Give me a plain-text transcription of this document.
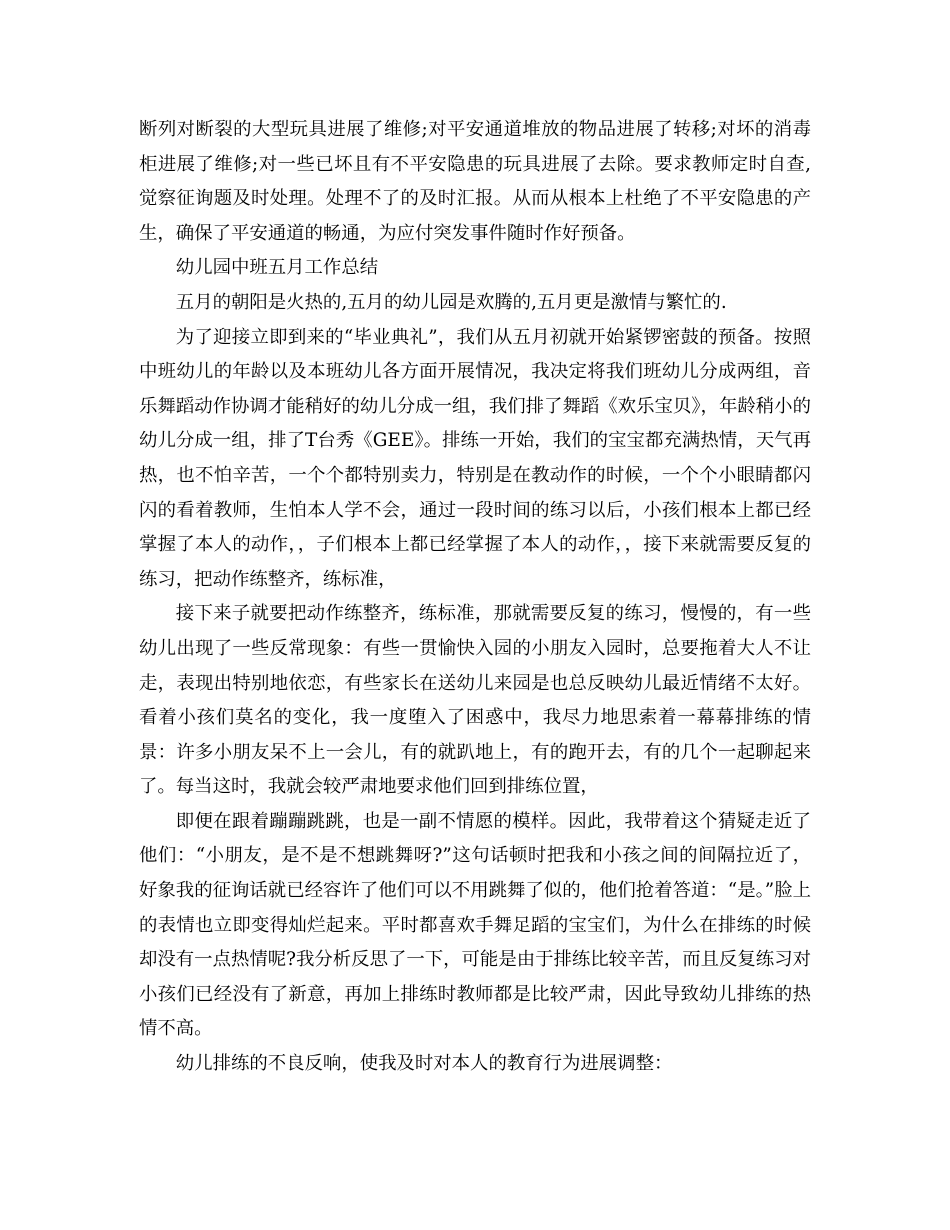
断列对断裂的大型玩具进展了维修;对平安通道堆放的物品进展了转移;对坏的消毒柜进展了维修;对一些已坏且有不平安隐患的玩具进展了去除。要求教师定时自查,觉察征询题及时处理。处理不了的及时汇报。从而从根本上杜绝了不平安隐患的产生，确保了平安通道的畅通，为应付突发事件随时作好预备。

幼儿园中班五月工作总结

五月的朝阳是火热的,五月的幼儿园是欢腾的,五月更是激情与繁忙的.

为了迎接立即到来的“毕业典礼”，我们从五月初就开始紧锣密鼓的预备。按照中班幼儿的年龄以及本班幼儿各方面开展情况，我决定将我们班幼儿分成两组，音乐舞蹈动作协调才能稍好的幼儿分成一组，我们排了舞蹈《欢乐宝贝》，年龄稍小的幼儿分成一组，排了T台秀《GEE》。排练一开始，我们的宝宝都充满热情，天气再热，也不怕辛苦，一个个都特别卖力，特别是在教动作的时候，一个个小眼睛都闪闪的看着教师，生怕本人学不会，通过一段时间的练习以后，小孩们根本上都已经掌握了本人的动作，，子们根本上都已经掌握了本人的动作，，接下来就需要反复的练习，把动作练整齐，练标准，

接下来子就要把动作练整齐，练标准，那就需要反复的练习，慢慢的，有一些幼儿出现了一些反常现象：有些一贯愉快入园的小朋友入园时，总要拖着大人不让走，表现出特别地依恋，有些家长在送幼儿来园是也总反映幼儿最近情绪不太好。看着小孩们莫名的变化，我一度堕入了困惑中，我尽力地思索着一幕幕排练的情景：许多小朋友呆不上一会儿，有的就趴地上，有的跑开去，有的几个一起聊起来了。每当这时，我就会较严肃地要求他们回到排练位置，

即便在跟着蹦蹦跳跳，也是一副不情愿的模样。因此，我带着这个猜疑走近了他们：“小朋友，是不是不想跳舞呀?”这句话顿时把我和小孩之间的间隔拉近了，好象我的征询话就已经容许了他们可以不用跳舞了似的，他们抢着答道：“是。”脸上的表情也立即变得灿烂起来。平时都喜欢手舞足蹈的宝宝们，为什么在排练的时候却没有一点热情呢?我分析反思了一下，可能是由于排练比较辛苦，而且反复练习对小孩们已经没有了新意，再加上排练时教师都是比较严肃，因此导致幼儿排练的热情不高。

幼儿排练的不良反响，使我及时对本人的教育行为进展调整：
